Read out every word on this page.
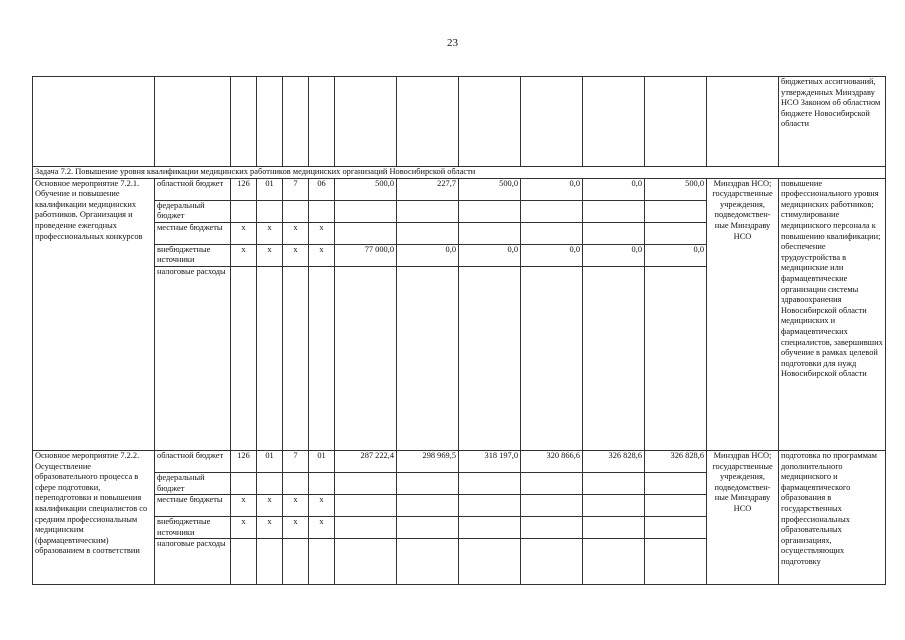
23
													бюджетных ассигнований, утвержденных Минздраву НСО Законом об областном бюджете Новосибирской области
Задача 7.2. Повышение уровня квалификации медицинских работников медицинских организаций Новосибирской области													
Основное мероприятие 7.2.1. Обучение и повышение квалификации медицинских работников. Организация и проведение ежегодных профессиональных конкурсов	областной бюджет	126	01	7	06	500,0	227,7	500,0	0,0	0,0	500,0	Минздрав НСО; государственные учреждения, подведомствен-ные Минздраву НСО	повышение профессионального уровня медицинских работников; стимулирование медицинского персонала к повышению квалификации; обеспечение трудоустройства в медицинские или фармацевтические организации системы здравоохранения Новосибирской области медицинских и фармацевтических специалистов, завершивших обучение в рамках целевой подготовки для нужд Новосибирской области
	федеральный бюджет												
	местные бюджеты	x	x	x	x								
	внебюджетные источники	x	x	x	x	77 000,0	0,0	0,0	0,0	0,0	0,0		
	налоговые расходы												
Основное мероприятие 7.2.2. Осуществление образовательного процесса в сфере подготовки, переподготовки и повышения квалификации специалистов со средним профессиональным медицинским (фармацевтическим) образованием в соответствии	областной бюджет	126	01	7	01	287 222,4	298 969,5	318 197,0	320 866,6	326 828,6	326 828,6	Минздрав НСО; государственные учреждения, подведомствен-ные Минздраву НСО	подготовка по программам дополнительного медицинского и фармацевтического образования в государственных профессиональных образовательных организациях, осуществляющих подготовку
	федеральный бюджет												
	местные бюджеты	x	x	x	x								
	внебюджетные источники	x	x	x	x								
	налоговые расходы												
